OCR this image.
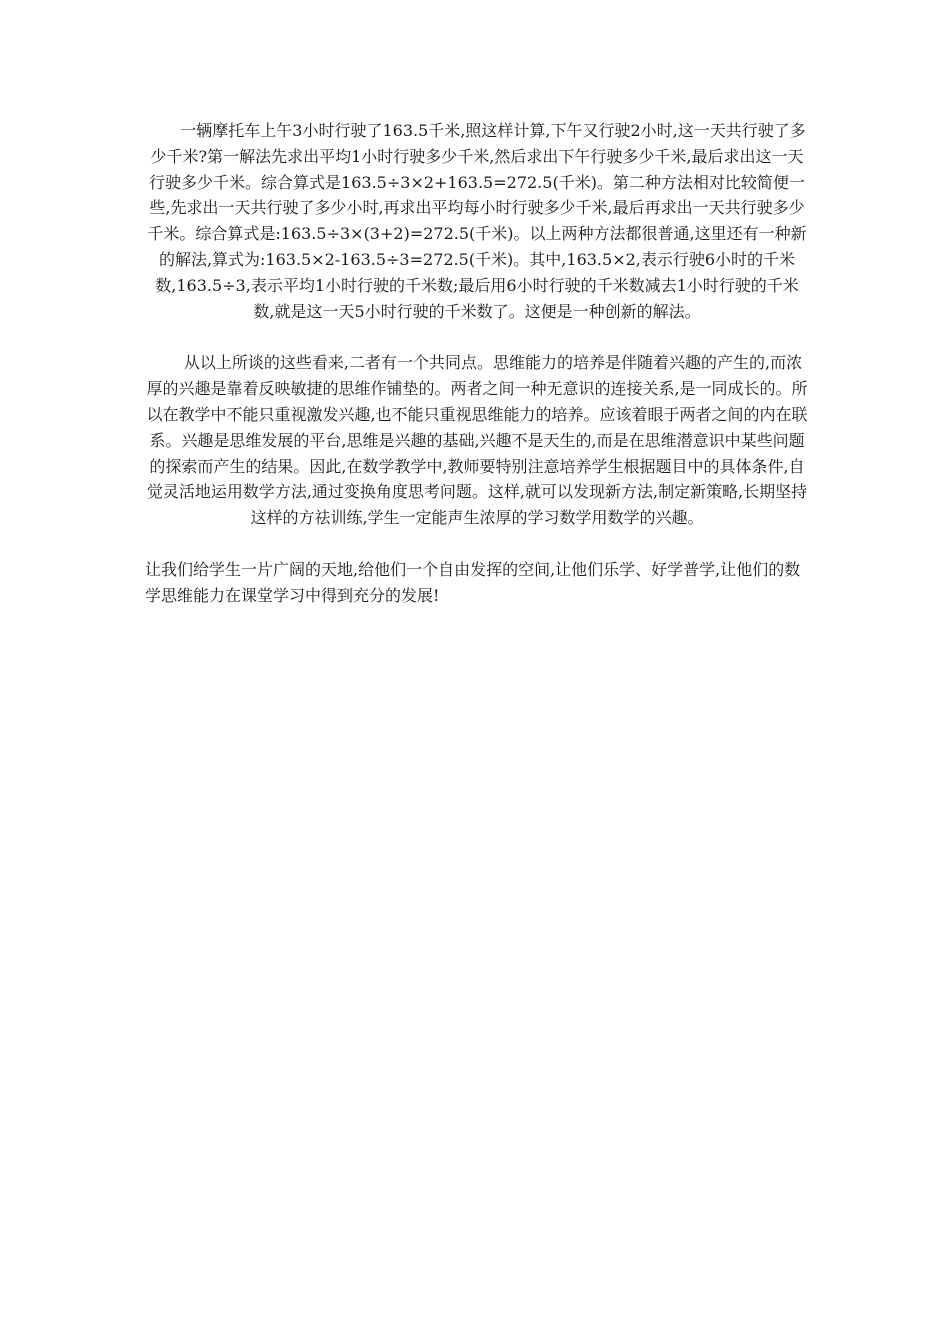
一辆摩托车上午3小时行驶了163.5千米,照这样计算,下午又行驶2小时,这一天共行驶了多少千米?第一解法先求出平均1小时行驶多少千米,然后求出下午行驶多少千米,最后求出这一天行驶多少千米。综合算式是163.5÷3×2+163.5=272.5(千米)。第二种方法相对比较简便一些,先求出一天共行驶了多少小时,再求出平均每小时行驶多少千米,最后再求出一天共行驶多少千米。综合算式是:163.5÷3×(3+2)=272.5(千米)。以上两种方法都很普通,这里还有一种新的解法,算式为:163.5×2-163.5÷3=272.5(千米)。其中,163.5×2,表示行驶6小时的千米数,163.5÷3,表示平均1小时行驶的千米数;最后用6小时行驶的千米数减去1小时行驶的千米数,就是这一天5小时行驶的千米数了。这便是一种创新的解法。

从以上所谈的这些看来,二者有一个共同点。思维能力的培养是伴随着兴趣的产生的,而浓厚的兴趣是靠着反映敏捷的思维作铺垫的。两者之间一种无意识的连接关系,是一同成长的。所以在教学中不能只重视激发兴趣,也不能只重视思维能力的培养。应该着眼于两者之间的内在联系。兴趣是思维发展的平台,思维是兴趣的基础,兴趣不是天生的,而是在思维潜意识中某些问题的探索而产生的结果。因此,在数学教学中,教师要特别注意培养学生根据题目中的具体条件,自觉灵活地运用数学方法,通过变换角度思考问题。这样,就可以发现新方法,制定新策略,长期坚持这样的方祛训练,学生一定能声生浓厚的学习数学用数学的兴趣。

让我们给学生一片广阔的天地,给他们一个自由发挥的空间,让他们乐学、好学普学,让他们的数学思维能力在课堂学习中得到充分的发展!
